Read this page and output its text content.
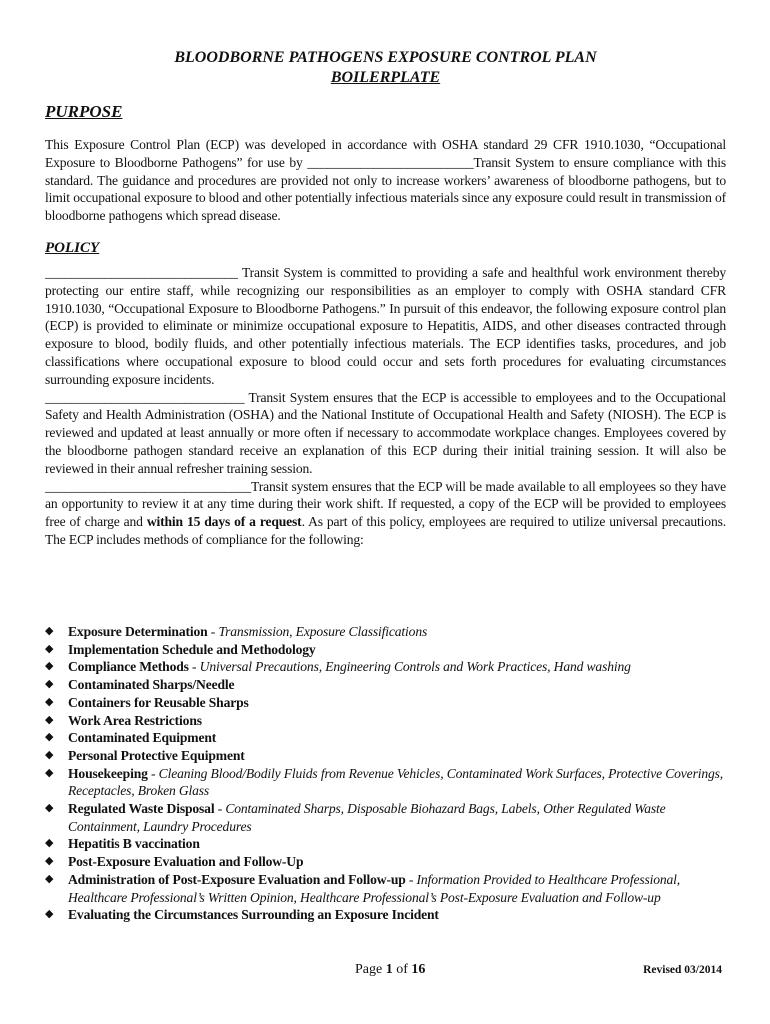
BLOODBORNE PATHOGENS EXPOSURE CONTROL PLAN
BOILERPLATE
PURPOSE
This Exposure Control Plan (ECP) was developed in accordance with OSHA standard 29 CFR 1910.1030, “Occupational Exposure to Bloodborne Pathogens” for use by _________________________Transit System to ensure compliance with this standard. The guidance and procedures are provided not only to increase workers’ awareness of bloodborne pathogens, but to limit occupational exposure to blood and other potentially infectious materials since any exposure could result in transmission of bloodborne pathogens which spread disease.
POLICY

_____________________________ Transit System is committed to providing a safe and healthful work environment thereby protecting our entire staff, while recognizing our responsibilities as an employer to comply with OSHA standard CFR 1910.1030, “Occupational Exposure to Bloodborne Pathogens.” In pursuit of this endeavor, the following exposure control plan (ECP) is provided to eliminate or minimize occupational exposure to Hepatitis, AIDS, and other diseases contracted through exposure to blood, bodily fluids, and other potentially infectious materials. The ECP identifies tasks, procedures, and job classifications where occupational exposure to blood could occur and sets forth procedures for evaluating circumstances surrounding exposure incidents.

______________________________ Transit System ensures that the ECP is accessible to employees and to the Occupational Safety and Health Administration (OSHA) and the National Institute of Occupational Health and Safety (NIOSH). The ECP is reviewed and updated at least annually or more often if necessary to accommodate workplace changes. Employees covered by the bloodborne pathogen standard receive an explanation of this ECP during their initial training session. It will also be reviewed in their annual refresher training session.

_______________________________Transit system ensures that the ECP will be made available to all employees so they have an opportunity to review it at any time during their work shift. If requested, a copy of the ECP will be provided to employees free of charge and within 15 days of a request. As part of this policy, employees are required to utilize universal precautions. The ECP includes methods of compliance for the following:

◆ Exposure Determination - Transmission, Exposure Classifications
◆ Implementation Schedule and Methodology
◆ Compliance Methods - Universal Precautions, Engineering Controls and Work Practices, Hand washing
◆ Contaminated Sharps/Needle
◆ Containers for Reusable Sharps
◆ Work Area Restrictions
◆ Contaminated Equipment
◆ Personal Protective Equipment
◆ Housekeeping - Cleaning Blood/Bodily Fluids from Revenue Vehicles, Contaminated Work Surfaces, Protective Coverings, Receptacles, Broken Glass
◆ Regulated Waste Disposal - Contaminated Sharps, Disposable Biohazard Bags, Labels, Other Regulated Waste Containment, Laundry Procedures
◆ Hepatitis B vaccination
◆ Post-Exposure Evaluation and Follow-Up
◆ Administration of Post-Exposure Evaluation and Follow-up - Information Provided to Healthcare Professional, Healthcare Professional’s Written Opinion, Healthcare Professional’s Post-Exposure Evaluation and Follow-up
◆ Evaluating the Circumstances Surrounding an Exposure Incident
Page 1 of 16	Revised 03/2014
